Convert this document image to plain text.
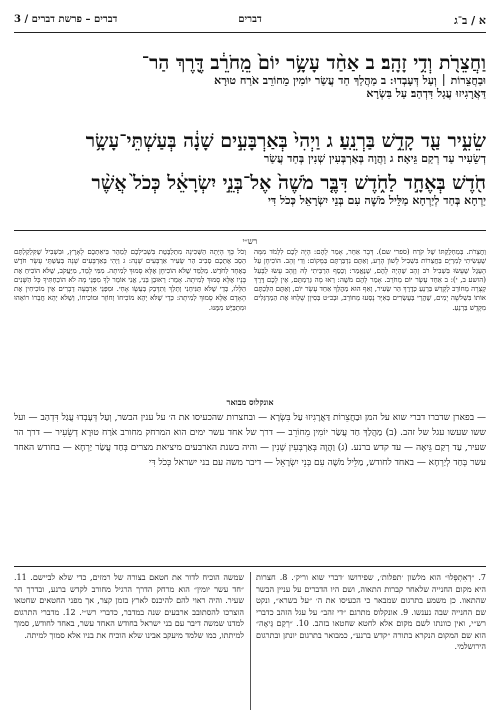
א / ב־ג
דברים
דברים – פרשת דברים / 3
וַחֲצֵרֹ֖ת וְדִ֥י זָהָֽב׃ ב אַחַ֨ד עָשָׂ֥ר יוֹם֙ מֵֽחֹרֵ֔ב דֶּ֖רֶךְ הַר־
וּבַחֲצֵרוֹת ׀ וְעַל דְּעָבְדוּ ׃ ב מַהֲלַךְ חַד עֲשַׂר יוֹמִין מֵחוֹרֵב אֹרַח טוּרָא
דַּאֲרָגִיזוּ עֲגַל דִּדְהַב׃ עַל בִּשְׂרָא
שֵׂעִ֑יר עַ֖ד קָדֵ֥שׁ בַּרְנֵֽעַ׃ ג וַיְהִי֙ בְּאַרְבָּעִ֣ים שָׁנָ֔ה בְּעַשְׁתֵּי־עָשָׂ֥ר
דְשֵׂעִיר עַד רְקַם גֵּיאָה׃ ג וַהֲוָה בְּאַרְבְּעִין שְׁנִין בְּחַד עֲשַׂר
חֹ֖דֶשׁ בְּאֶחָ֣ד לַחֹ֑דֶשׁ דִּבֶּ֤ר מֹשֶׁה֙ אֶל־בְּנֵ֣י יִשְׂרָאֵ֔ל כְּכֹל֙ אֲשֶׁ֨ר
יַרְחָא בְּחַד לְיַרְחָא מַלֵּיל מֹשֶׁה עִם בְּנֵי יִשְׂרָאֵל כְּכֹל דִּי
רש״י
וַחֲצֵרֹת. בְּמַחְלֻקְתּוֹ שֶׁל קֹרַח (ספרי שם). דָּבָר אַחֵר, אָמַר לָהֶם: הָיָה לָכֶם לִלְמֹד מִמָּה שֶׁעָשִׂיתִי לְמִרְיָם בַּחֲצֵרוֹת בִּשְׁבִיל לָשׁוֹן הָרָע, וְאַתֶּם נִדְבַּרְתֶּם בַּמָּקוֹם: וְדִי זָהָב. הוֹכִיחָן עַל הָעֵגֶל שֶׁעָשׂוּ בִּשְׁבִיל רֹב זָהָב שֶׁהָיָה לָהֶם, שֶׁנֶּאֱמַר: וְכֶסֶף הִרְבֵּיתִי לָהּ וְזָהָב עָשׂוּ לַבָּעַל (הושע ב, י): ב אַחַד עָשָׂר יוֹם מֵחֹרֵב. אָמַר לָהֶם מֹשֶׁה: רְאוּ מָה גְּרַמְתֶּם, אֵין לָכֶם דֶּרֶךְ קְצָרָה מֵחוֹרֵב לְקָדֵשׁ בַּרְנֵעַ כְּדֶרֶךְ הַר שֵׂעִיר, וְאַף הוּא מַהֲלַךְ אַחַד עָשָׂר יוֹם, וְאַתֶּם הִלַּכְתֶּם אוֹתוֹ בִּשְׁלֹשָׁה יָמִים, שֶׁהֲרֵי בְּעֶשְׂרִים בְּאִיָּר נָסְעוּ מֵחוֹרֵב, וּבְכ״ט בְּסִיוָן שָׁלְחוּ אֶת הַמְרַגְּלִים מִקָּדֵשׁ בַּרְנֵעַ.
וְכֹל כָּךְ הָיְתָה הַשְּׁכִינָה מִתְלַבֶּטֶת בִּשְׁבִילְכֶם לְמַהֵר בִּיאַתְכֶם לָאָרֶץ, וּבִשְׁבִיל שֶׁקִּלְקַלְתֶּם הֵסֵב אֶתְכֶם סְבִיב הַר שֵׂעִיר אַרְבָּעִים שָׁנָה: ג וַיְהִי בְּאַרְבָּעִים שָׁנָה בְּעַשְׁתֵּי עָשָׂר חֹדֶשׁ בְּאֶחָד לַחֹדֶשׁ. מְלַמֵּד שֶׁלֹּא הוֹכִיחָן אֶלָּא סָמוּךְ לְמִיתָה. מִמִּי לָמַד, מִיַּעֲקֹב, שֶׁלֹּא הוֹכִיחַ אֶת בָּנָיו אֶלָּא סָמוּךְ לְמִיתָה. אָמַר: רְאוּבֵן בְּנִי, אֲנִי אוֹמֵר לְךָ מִפְּנֵי מָה לֹא הוֹכַחְתִּיךָ כָּל הַשָּׁנִים הַלָּלוּ, כְּדֵי שֶׁלֹּא תַּנִּיחֵנִי וְתֵלֵךְ וְתִדָּבֵק בְּעֵשָׂו אָחִי. וּמִפְּנֵי אַרְבָּעָה דְבָרִים אֵין מוֹכִיחִין אֶת הָאָדָם אֶלָּא סָמוּךְ לְמִיתָה: כְּדֵי שֶׁלֹּא יְהֵא מוֹכִיחוֹ וְחוֹזֵר וּמוֹכִיחוֹ, וְשֶׁלֹּא יְהֵא חֲבֵרוֹ רוֹאֵהוּ וּמִתְבַּיֵּשׁ מִמֶּנּוּ.
אונקלוס מבואר
— בפארן שדברו דברי שוא על המן וּבַחֲצֵרוֹת דַּאֲרָגִיזוּ עַל בִּשְׂרָא — ובחצרות שהכעיסו את ה׳ על ענין הבשר, וְעַל דְּעָבְדוּ עֲגַל דִּדְהַב — ועל ששו שעשו עגל של זהב. (ב) מַהֲלַךְ חַד עֲשַׂר יוֹמִין מֵחוֹרֵב — דרך של אחד עשר ימים הוא המרחק מחורב אֹרַח טוּרָא דְשֵׂעִיר — דרך הר שעיר, עַד רְקַם גֵּיאָה — עד קדש ברנע. (ג) וַהֲוָה בְּאַרְבְּעִין שְׁנִין — והיה בשנת הארבעים מיציאת מצרים בְּחַד עֲשַׂר יַרְחָא — בחודש האחד עשר בְּחַד לְיַרְחָא — באחד לחודש, מַלֵּיל מֹשֶׁה עִם בְּנֵי יִשְׂרָאֵל — דיבר משה עם בני ישראל כְּכֹל דִּי
7. ״דְאִתְפְּלוּ״ הוא מלשון ׳תפלות׳, שפירושו ׳דברי שוא וריק׳. 8. חצרות היא מקום החנייה שלאחר קברות התאוה, ושם היו הדברים על עניין הבשר שהתאוו. כן משמע בתרגום שמבאר כי הכעיסו את ה׳ ״על בשרא״, ונקט שם החנייה שבה נענשו. 9. אונקלוס מתרגם ״די זהב״ על עגל הזהב כדברי רש״י, ואין כוונתו לשם מקום אלא לחטא שחטאו בזהב. 10. ״רְקַם גֵּיאָה״ הוא שם המקום הנקרא בתורה ״קדש ברנע״, כמבואר בתרגום יונתן ובתרגום הירושלמי.
שמשה הוכיח לדור את חטאם בצורה של רמזים, כדי שלא לביישם. 11. ״חד עשר יומין״ הוא מרחק הדרך הרגיל מחורב לקדש ברנע, ובדרך הר שעיר. והיה ראוי להם להיכנס לארץ בזמן קצר, אך מפני החטאים שחטאו הוצרכו להסתובב ארבעים שנה במדבר, כדברי רש״י. 12. מדברי התרגום למדנו שמשה דיבר עם בני ישראל בחודש האחד עשר, באחד לחודש, סמוך למיתתו, כמו שלמד מיעקב אבינו שלא הוכיח את בניו אלא סמוך למיתה.
